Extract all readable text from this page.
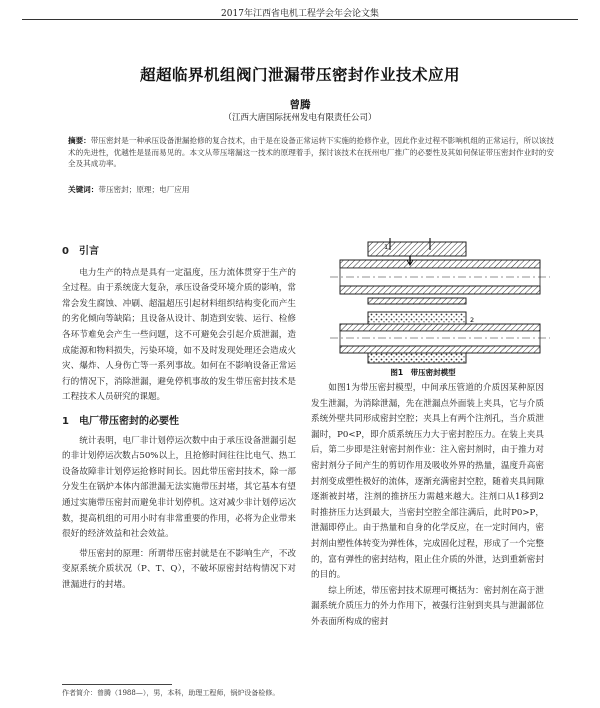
2017年江西省电机工程学会年会论文集
超超临界机组阀门泄漏带压密封作业技术应用
曾腾
（江西大唐国际抚州发电有限责任公司）
摘要：带压密封是一种承压设备泄漏抢修的复合技术，由于是在设备正常运转下实施的抢修作业，因此作业过程不影响机组的正常运行，所以该技术的先进性，优越性是显而易见的。本文从带压堵漏这一技术的原理着手，探讨该技术在抚州电厂推广的必要性及其如何保证带压密封作业时的安全及其成功率。
关键词：带压密封；原理；电厂应用
0　引言

电力生产的特点是具有一定温度，压力流体贯穿于生产的全过程。由于系统庞大复杂，承压设备受环境介质的影响，常常会发生腐蚀、冲刷、超温超压引起材料组织结构变化而产生的劣化倾向等缺陷；且设备从设计、制造到安装、运行、检修各环节难免会产生一些问题，这不可避免会引起介质泄漏，造成能源和物料损失，污染环境，如不及时发现处理还会造成火灾、爆炸、人身伤亡等一系列事故。如何在不影响设备正常运行的情况下，消除泄漏，避免停机事故的发生带压密封技术是工程技术人员研究的课题。

1　电厂带压密封的必要性

统计表明，电厂非计划停运次数中由于承压设备泄漏引起的非计划停运次数占50%以上，且抢修时间往往比电气、热工设备故障非计划停运抢修时间长。因此带压密封技术，除一部分发生在锅炉本体内部泄漏无法实施带压封堵，其它基本有望通过实施带压密封而避免非计划停机。这对减少非计划停运次数，提高机组的可用小时有非常重要的作用，必将为企业带来很好的经济效益和社会效益。

带压密封的原理：所谓带压密封就是在不影响生产，不改变原系统介质状况（P、T、Q），不破坏原密封结构情况下对泄漏进行的封堵。

1
2
图1　带压密封模型

如图1为带压密封模型，中间承压管道的介质因某种原因发生泄漏，为消除泄漏，先在泄漏点外面装上夹具，它与介质系统外壁共同形成密封空腔；夹具上有两个注剂孔，当介质泄漏时，P0<P，即介质系统压力大于密封腔压力。在装上夹具后，第二步即是注射密封剂作业：注入密封剂时，由于推力对密封剂分子间产生的剪切作用及吸收外界的热量，温度升高密封剂变成塑性极好的流体，逐渐充满密封空腔，随着夹具间隙逐渐被封堵，注剂的推挤压力需越来越大。注剂口从1移到2时推挤压力达到最大，当密封空腔全部注满后，此时P0>P，泄漏即停止。由于热量和自身的化学反应，在一定时间内，密封剂由塑性体转变为弹性体，完成固化过程，形成了一个完整的，富有弹性的密封结构，阻止住介质的外泄，达到重新密封的目的。

综上所述，带压密封技术原理可概括为：密封剂在高于泄漏系统介质压力的外力作用下，被强行注射到夹具与泄漏部位外表面所构成的密封

作者简介：曾腾（1988—），男，本科，助理工程师，锅炉设备检修。
